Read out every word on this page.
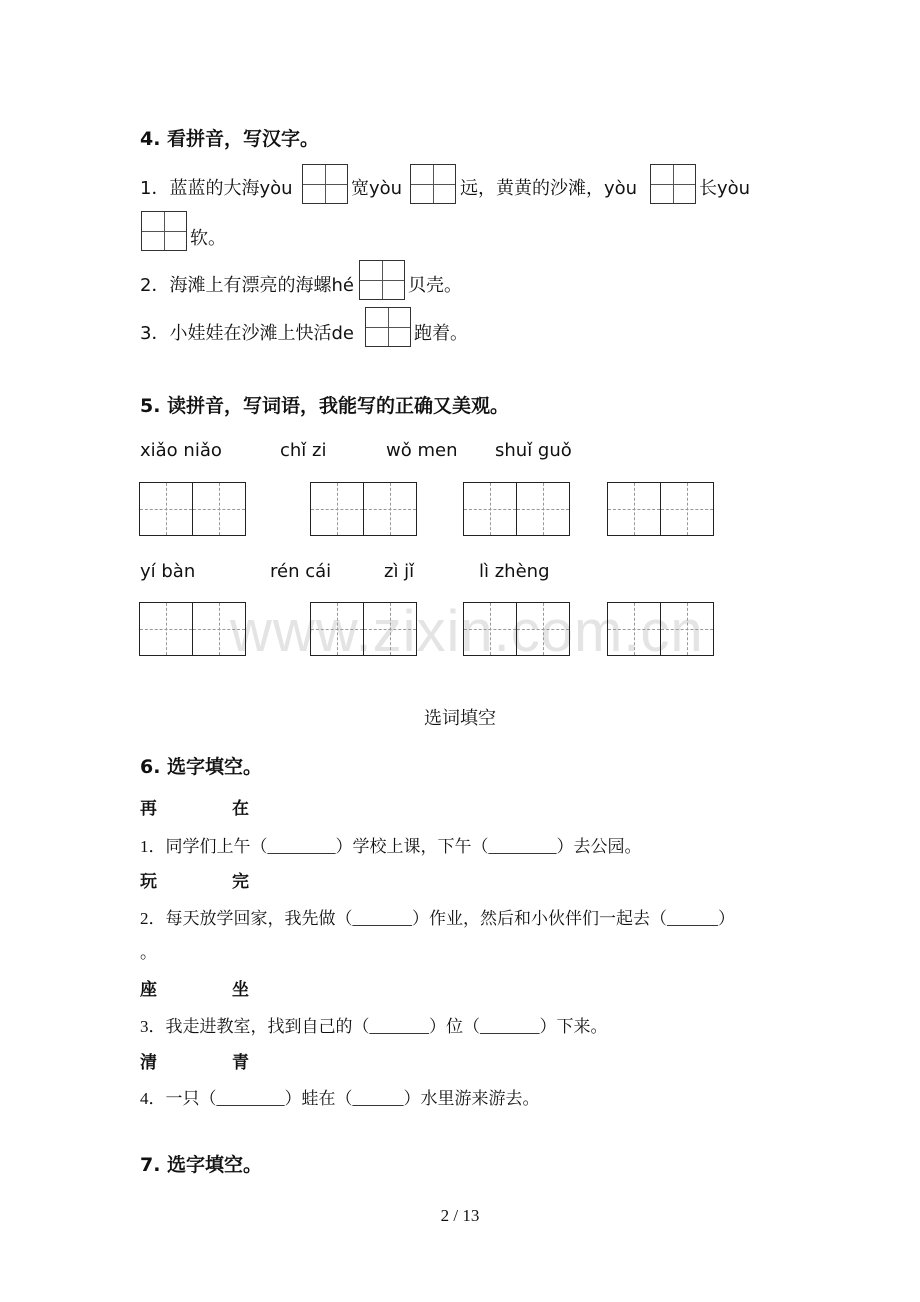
www.zixin.com.cn
4. 看拼音，写汉字。
1．蓝蓝的大海yòu	宽yòu	远，黄黄的沙滩，yòu	长yòu
软。
2．海滩上有漂亮的海螺hé	贝壳。
3．小娃娃在沙滩上快活de	跑着。
5. 读拼音，写词语，我能写的正确又美观。
xiǎo niǎo	chǐ zi	wǒ men shuǐ guǒ
yí bàn	rén cái	zì jǐ	lì zhèng
选词填空
6. 选字填空。
再	在
1．同学们上午（________）学校上课，下午（________）去公园。
玩	完
2．每天放学回家，我先做（_______）作业，然后和小伙伴们一起去（______）
。
座	坐
3．我走进教室，找到自己的（_______）位（_______）下来。
清	青
4．一只（________）蛙在（______）水里游来游去。
7. 选字填空。
2 / 13
